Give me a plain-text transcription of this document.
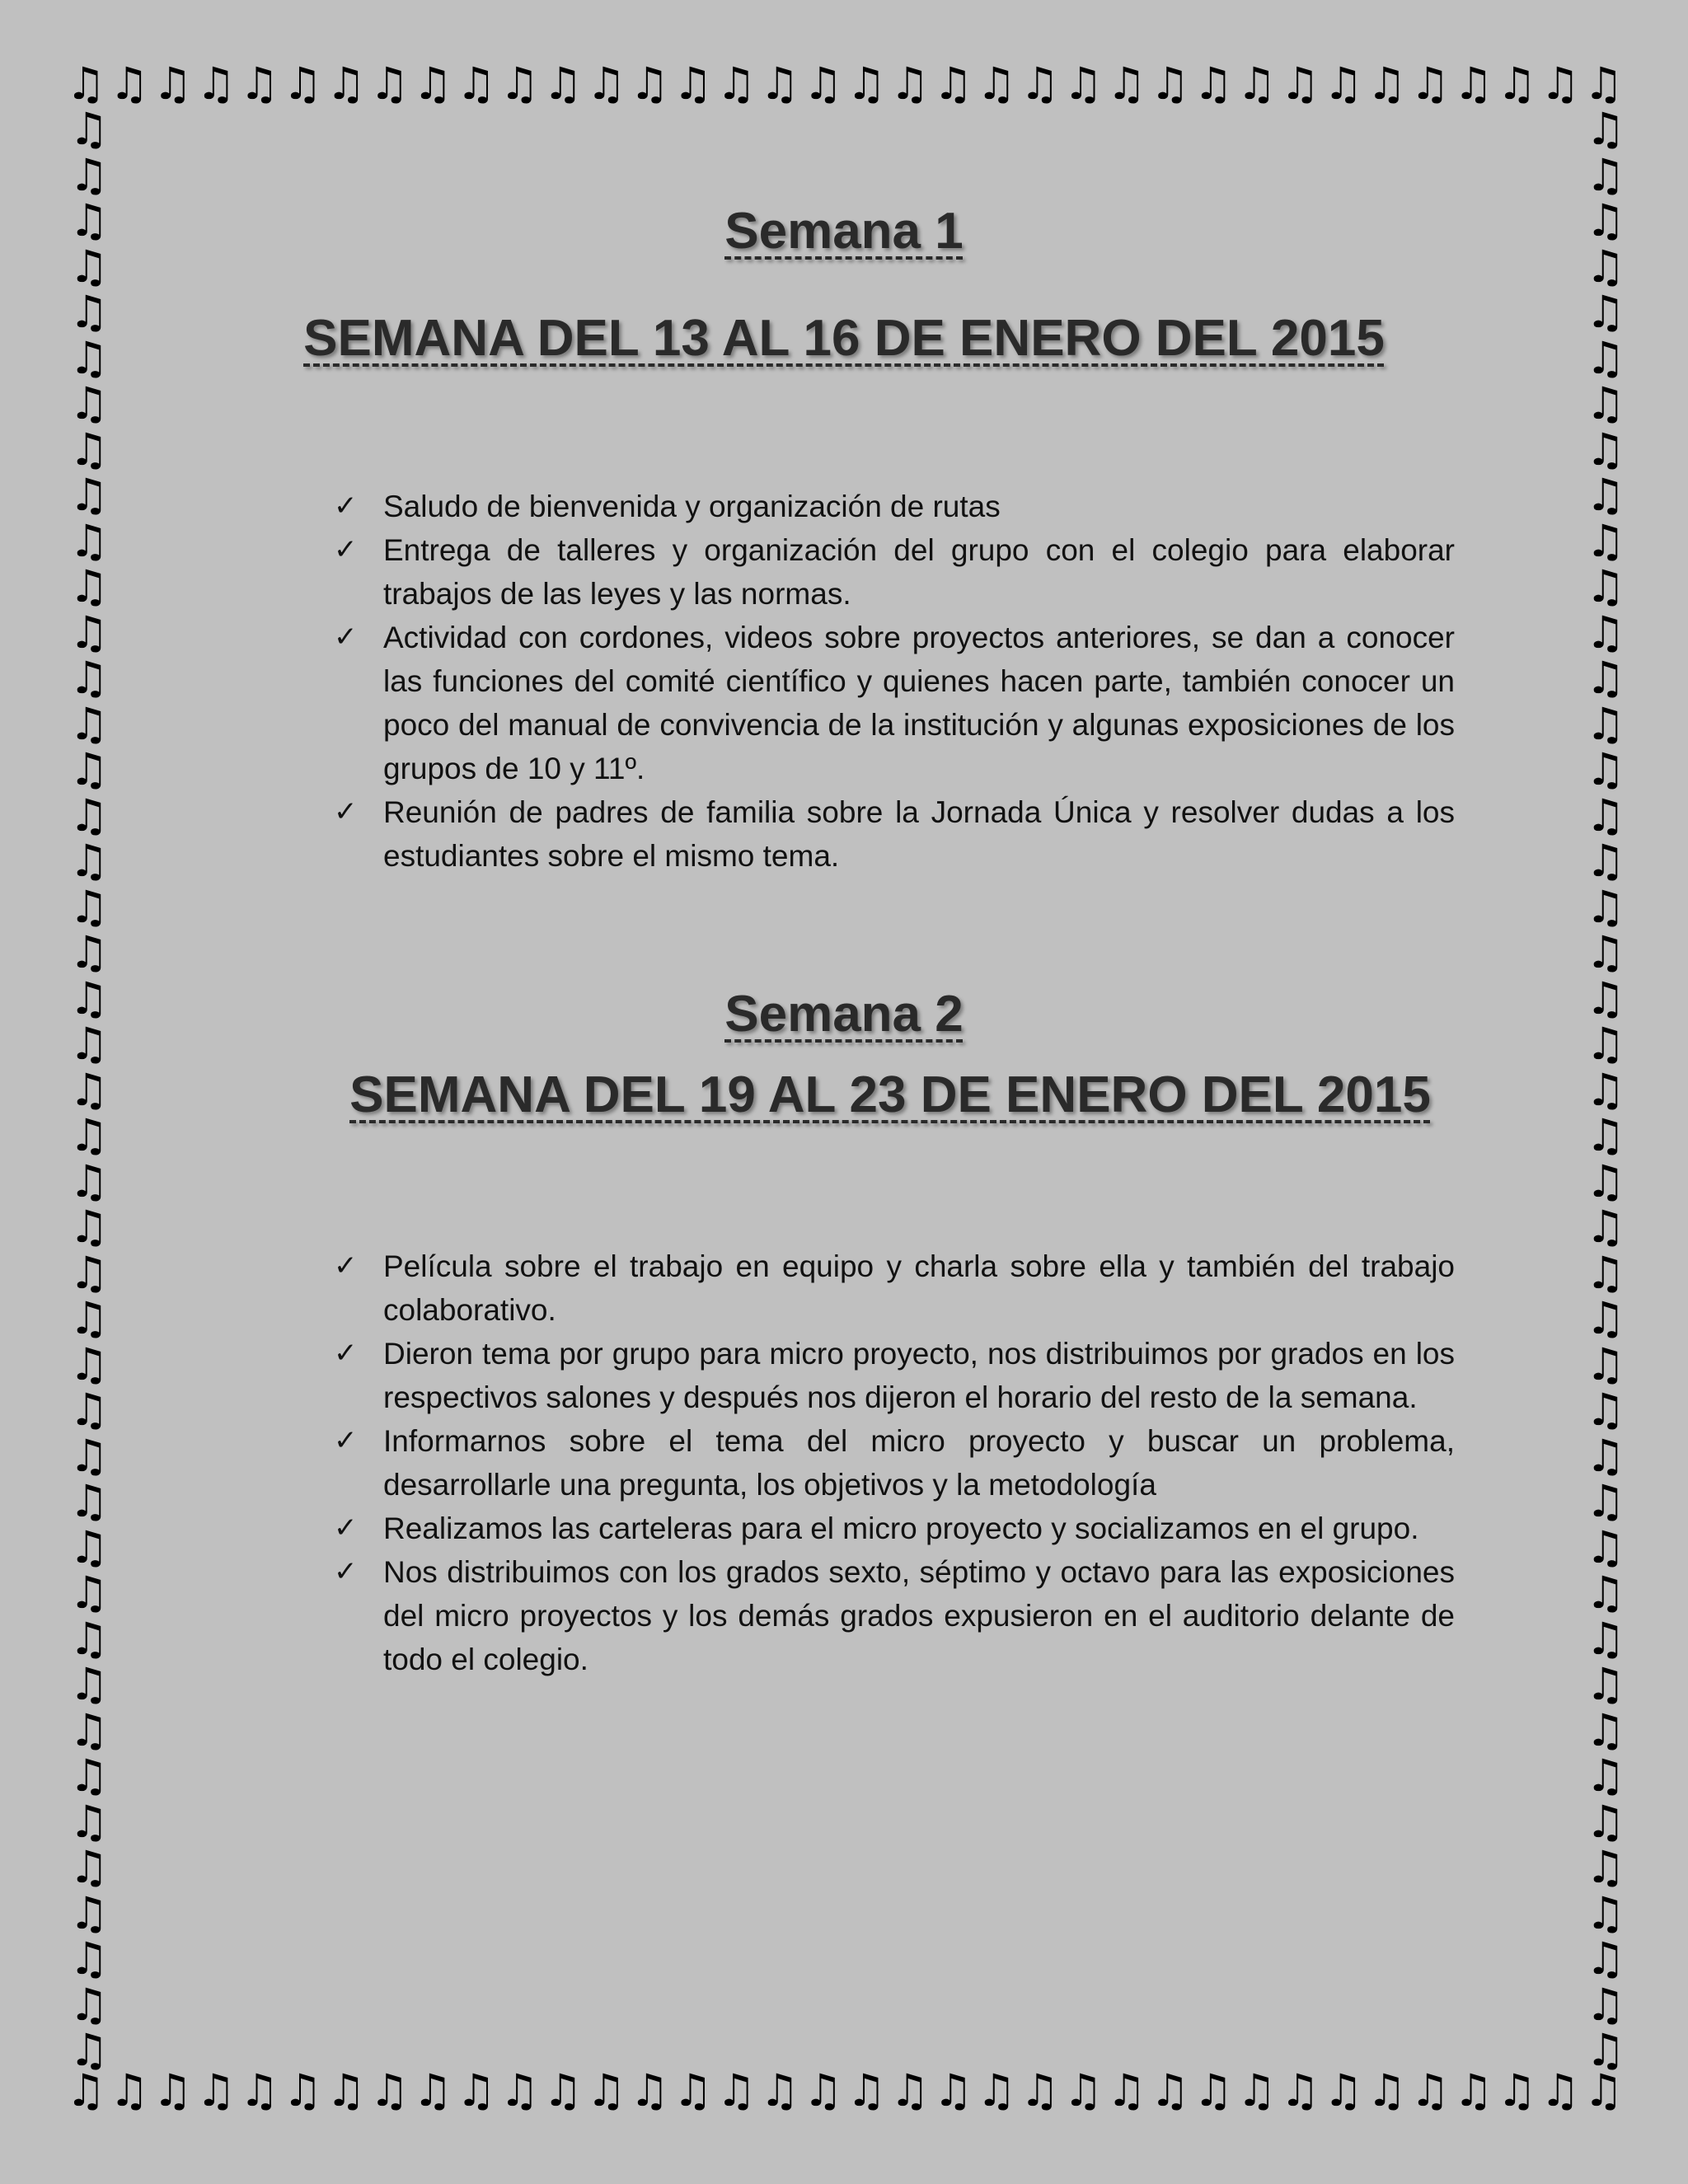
♫ ♫ ♫ ♫ ♫ ♫ ♫ ♫ ♫ ♫ ♫ ♫ ♫ ♫ ♫ ♫ ♫ ♫ ♫ ♫ ♫ ♫ ♫ ♫ ♫ ♫ ♫ ♫ ♫ ♫ ♫ ♫ ♫ ♫ ♫ ♫
♫ ♫ ♫ ♫ ♫ ♫ ♫ ♫ ♫ ♫ ♫ ♫ ♫ ♫ ♫ ♫ ♫ ♫ ♫ ♫ ♫ ♫ ♫ ♫ ♫ ♫ ♫ ♫ ♫ ♫ ♫ ♫ ♫ ♫ ♫ ♫
♫
♫
♫
♫
♫
♫
♫
♫
♫
♫
♫
♫
♫
♫
♫
♫
♫
♫
♫
♫
♫
♫
♫
♫
♫
♫
♫
♫
♫
♫
♫
♫
♫
♫
♫
♫
♫
♫
♫
♫
♫
♫
♫
♫
♫
♫
♫
♫
♫
♫
♫
♫
♫
♫
♫
♫
♫
♫
♫
♫
♫
♫
♫
♫
♫
♫
♫
♫
♫
♫
♫
♫
♫
♫
♫
♫
♫
♫
♫
♫
♫
♫
♫
♫
♫
♫
Semana 1
SEMANA DEL 13 AL 16 DE ENERO DEL 2015
✓ Saludo de bienvenida y organización de rutas
✓ Entrega de talleres y organización del grupo con el colegio para elaborar trabajos de las leyes y las normas.
✓ Actividad con cordones, videos sobre proyectos anteriores, se dan a conocer las funciones del comité científico y quienes hacen parte, también conocer un poco del manual de convivencia de la institución y algunas exposiciones de los grupos de 10 y 11º.
✓ Reunión de padres de familia sobre la Jornada Única y resolver dudas a los estudiantes sobre el mismo tema.
Semana 2
SEMANA DEL 19 AL 23 DE ENERO DEL 2015
✓ Película sobre el trabajo en equipo y charla sobre ella y también del trabajo colaborativo.
✓ Dieron tema por grupo para micro proyecto, nos distribuimos por grados en los respectivos salones y después nos dijeron el horario del resto de la semana.
✓ Informarnos sobre el tema del micro proyecto y buscar un problema, desarrollarle una pregunta, los objetivos y la metodología
✓ Realizamos las carteleras para el micro proyecto y socializamos en el grupo.
✓ Nos distribuimos con los grados sexto, séptimo y octavo para las exposiciones del micro proyectos y los demás grados expusieron en el auditorio delante de todo el colegio.
